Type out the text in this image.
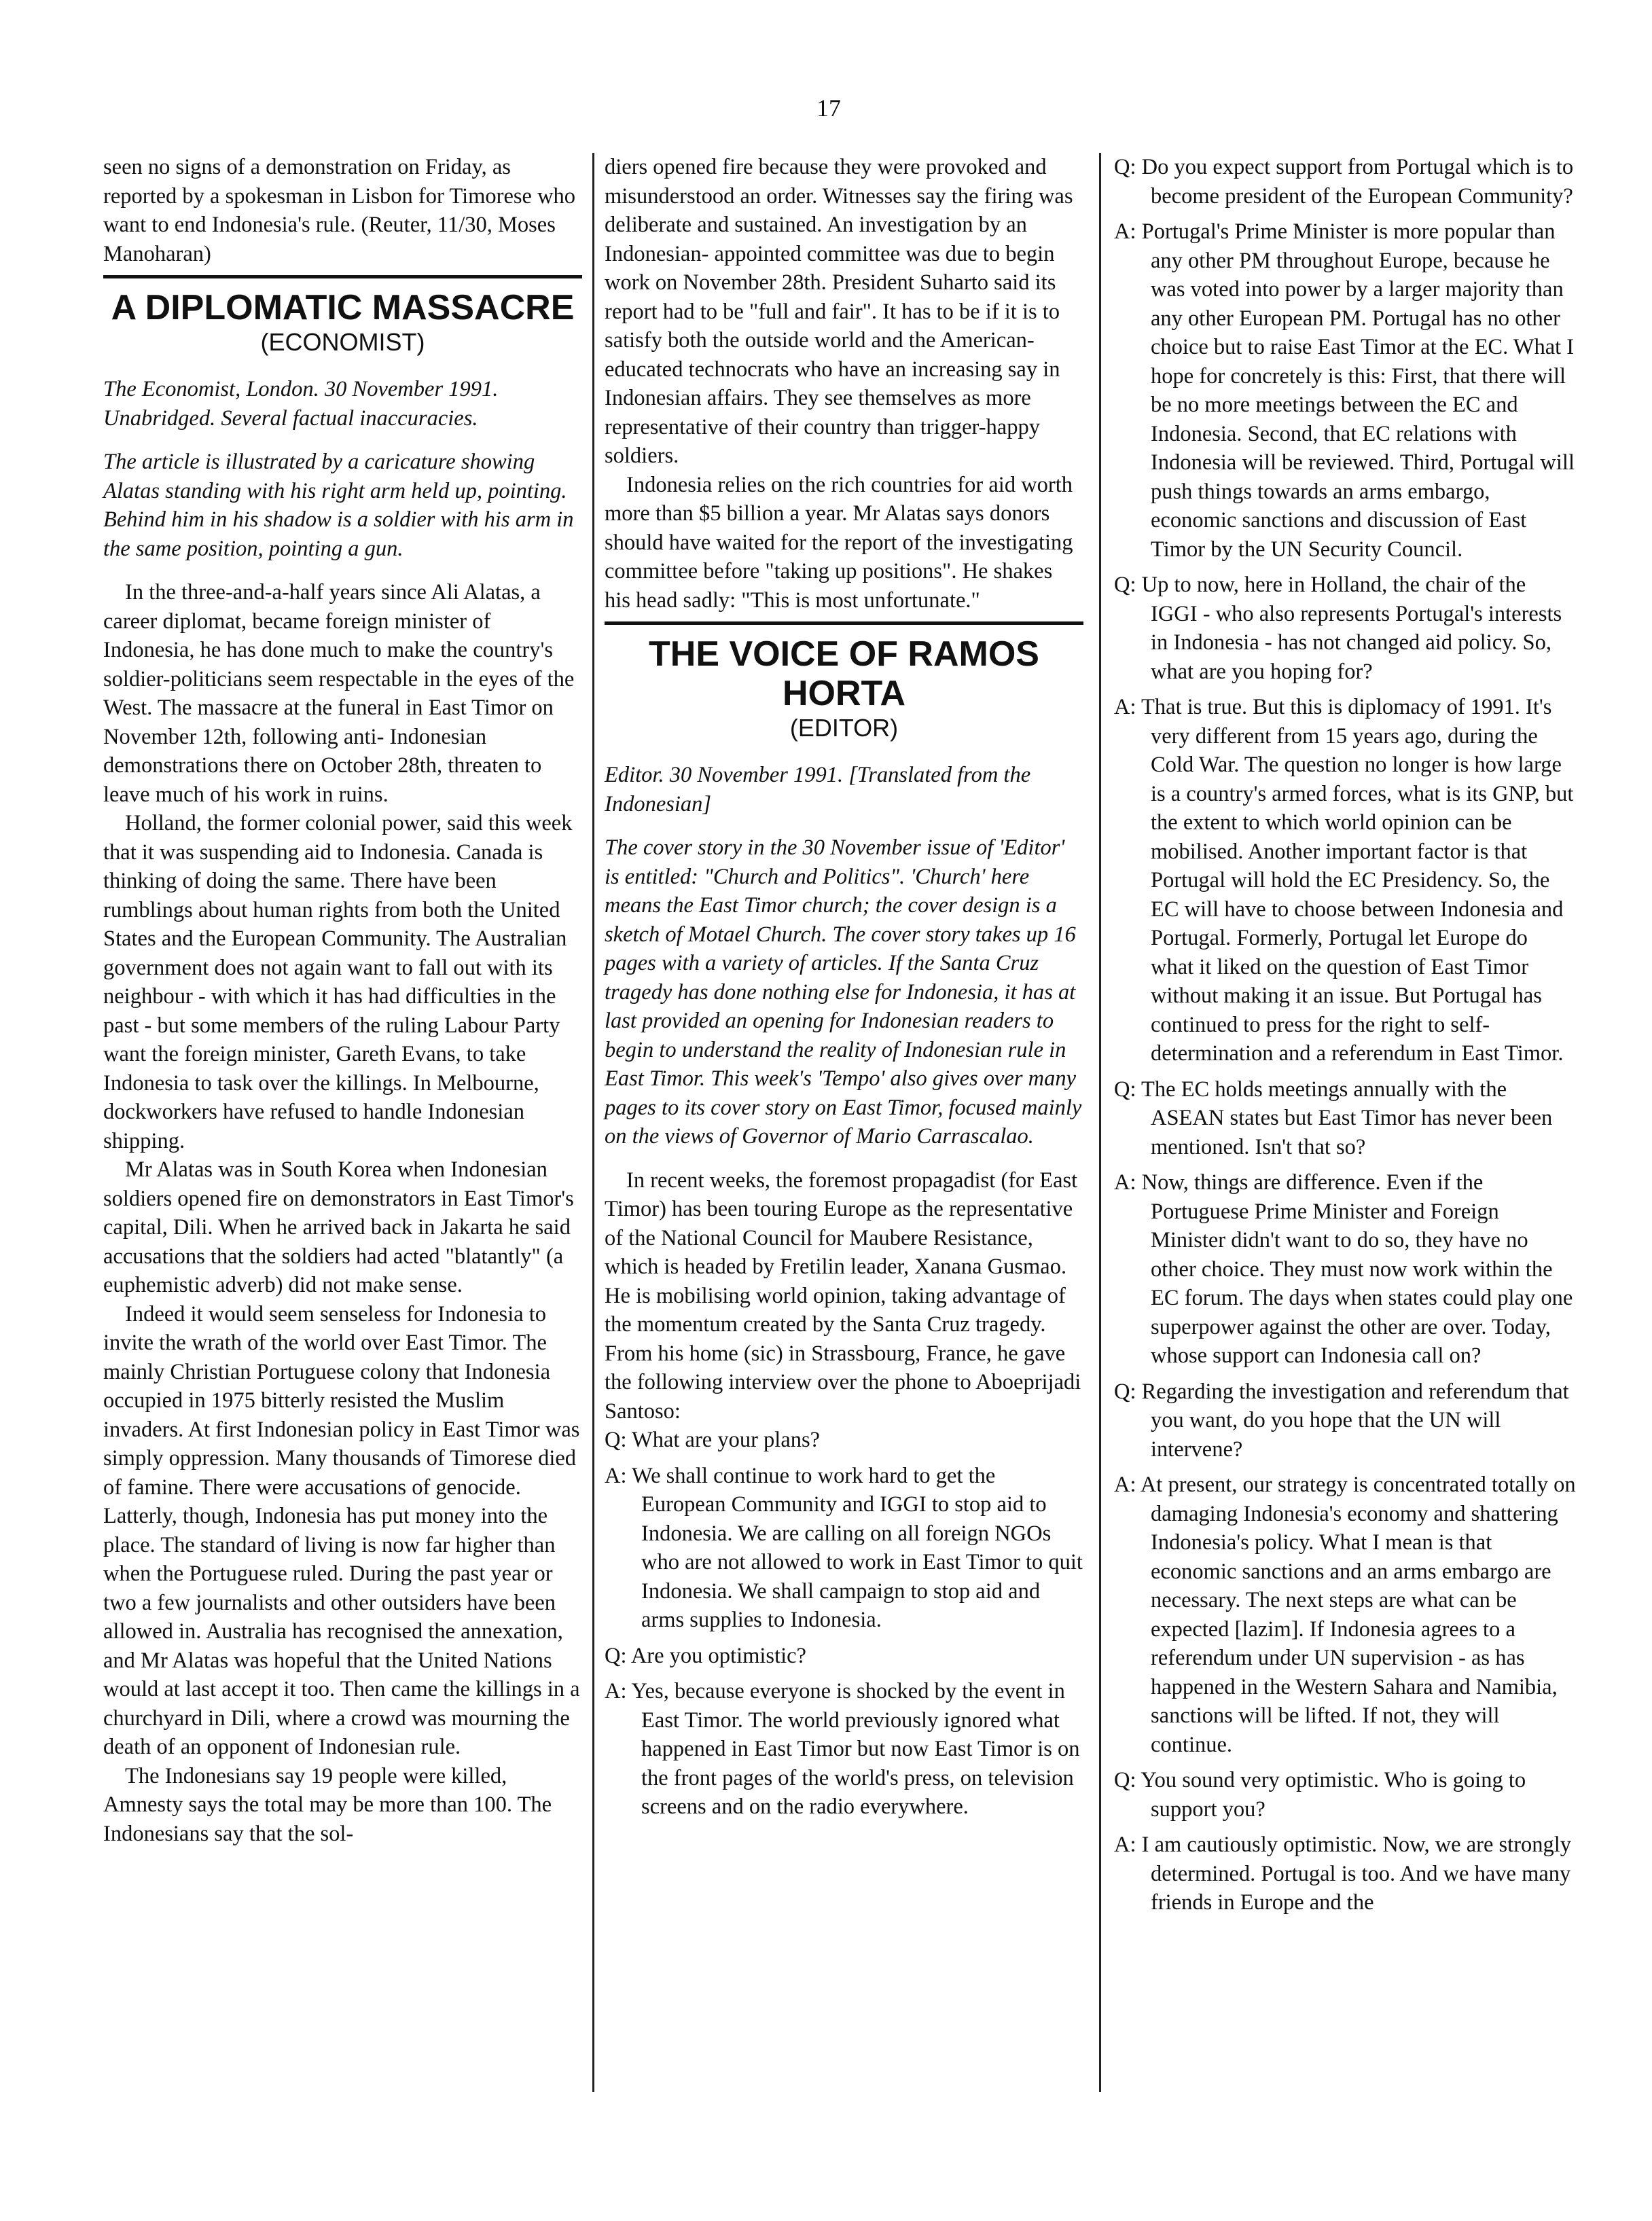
17

seen no signs of a demonstration on Friday, as reported by a spokesman in Lisbon for Timorese who want to end Indonesia's rule. (Reuter, 11/30, Moses Manoharan)

A DIPLOMATIC MASSACRE
(ECONOMIST)

The Economist, London. 30 November 1991. Unabridged. Several factual inaccuracies.

The article is illustrated by a caricature showing Alatas standing with his right arm held up, pointing. Behind him in his shadow is a soldier with his arm in the same position, pointing a gun.

In the three-and-a-half years since Ali Alatas, a career diplomat, became foreign minister of Indonesia, he has done much to make the country's soldier-politicians seem respectable in the eyes of the West. The massacre at the funeral in East Timor on November 12th, following anti- Indonesian demonstrations there on October 28th, threaten to leave much of his work in ruins.

Holland, the former colonial power, said this week that it was suspending aid to Indonesia. Canada is thinking of doing the same. There have been rumblings about human rights from both the United States and the European Community. The Australian government does not again want to fall out with its neighbour - with which it has had difficulties in the past - but some members of the ruling Labour Party want the foreign minister, Gareth Evans, to take Indonesia to task over the killings. In Melbourne, dockworkers have refused to handle Indonesian shipping.

Mr Alatas was in South Korea when Indonesian soldiers opened fire on demonstrators in East Timor's capital, Dili. When he arrived back in Jakarta he said accusations that the soldiers had acted "blatantly" (a euphemistic adverb) did not make sense.

Indeed it would seem senseless for Indonesia to invite the wrath of the world over East Timor. The mainly Christian Portuguese colony that Indonesia occupied in 1975 bitterly resisted the Muslim invaders. At first Indonesian policy in East Timor was simply oppression. Many thousands of Timorese died of famine. There were accusations of genocide. Latterly, though, Indonesia has put money into the place. The standard of living is now far higher than when the Portuguese ruled. During the past year or two a few journalists and other outsiders have been allowed in. Australia has recognised the annexation, and Mr Alatas was hopeful that the United Nations would at last accept it too. Then came the killings in a churchyard in Dili, where a crowd was mourning the death of an opponent of Indonesian rule.

The Indonesians say 19 people were killed, Amnesty says the total may be more than 100. The Indonesians say that the sol-

diers opened fire because they were provoked and misunderstood an order. Witnesses say the firing was deliberate and sustained. An investigation by an Indonesian- appointed committee was due to begin work on November 28th. President Suharto said its report had to be "full and fair". It has to be if it is to satisfy both the outside world and the American-educated technocrats who have an increasing say in Indonesian affairs. They see themselves as more representative of their country than trigger-happy soldiers.

Indonesia relies on the rich countries for aid worth more than $5 billion a year. Mr Alatas says donors should have waited for the report of the investigating committee before "taking up positions". He shakes his head sadly: "This is most unfortunate."

THE VOICE OF RAMOS HORTA
(EDITOR)

Editor. 30 November 1991. [Translated from the Indonesian]

The cover story in the 30 November issue of 'Editor' is entitled: "Church and Politics". 'Church' here means the East Timor church; the cover design is a sketch of Motael Church. The cover story takes up 16 pages with a variety of articles. If the Santa Cruz tragedy has done nothing else for Indonesia, it has at last provided an opening for Indonesian readers to begin to understand the reality of Indonesian rule in East Timor. This week's 'Tempo' also gives over many pages to its cover story on East Timor, focused mainly on the views of Governor of Mario Carrascalao.

In recent weeks, the foremost propagadist (for East Timor) has been touring Europe as the representative of the National Council for Maubere Resistance, which is headed by Fretilin leader, Xanana Gusmao. He is mobilising world opinion, taking advantage of the momentum created by the Santa Cruz tragedy. From his home (sic) in Strassbourg, France, he gave the following interview over the phone to Aboeprijadi Santoso:

Q: What are your plans?

A: We shall continue to work hard to get the European Community and IGGI to stop aid to Indonesia. We are calling on all foreign NGOs who are not allowed to work in East Timor to quit Indonesia. We shall campaign to stop aid and arms supplies to Indonesia.

Q: Are you optimistic?

A: Yes, because everyone is shocked by the event in East Timor. The world previously ignored what happened in East Timor but now East Timor is on the front pages of the world's press, on television screens and on the radio everywhere.

Q: Do you expect support from Portugal which is to become president of the European Community?

A: Portugal's Prime Minister is more popular than any other PM throughout Europe, because he was voted into power by a larger majority than any other European PM. Portugal has no other choice but to raise East Timor at the EC. What I hope for concretely is this: First, that there will be no more meetings between the EC and Indonesia. Second, that EC relations with Indonesia will be reviewed. Third, Portugal will push things towards an arms embargo, economic sanctions and discussion of East Timor by the UN Security Council.

Q: Up to now, here in Holland, the chair of the IGGI - who also represents Portugal's interests in Indonesia - has not changed aid policy. So, what are you hoping for?

A: That is true. But this is diplomacy of 1991. It's very different from 15 years ago, during the Cold War. The question no longer is how large is a country's armed forces, what is its GNP, but the extent to which world opinion can be mobilised. Another important factor is that Portugal will hold the EC Presidency. So, the EC will have to choose between Indonesia and Portugal. Formerly, Portugal let Europe do what it liked on the question of East Timor without making it an issue. But Portugal has continued to press for the right to self-determination and a referendum in East Timor.

Q: The EC holds meetings annually with the ASEAN states but East Timor has never been mentioned. Isn't that so?

A: Now, things are difference. Even if the Portuguese Prime Minister and Foreign Minister didn't want to do so, they have no other choice. They must now work within the EC forum. The days when states could play one superpower against the other are over. Today, whose support can Indonesia call on?

Q: Regarding the investigation and referendum that you want, do you hope that the UN will intervene?

A: At present, our strategy is concentrated totally on damaging Indonesia's economy and shattering Indonesia's policy. What I mean is that economic sanctions and an arms embargo are necessary. The next steps are what can be expected [lazim]. If Indonesia agrees to a referendum under UN supervision - as has happened in the Western Sahara and Namibia, sanctions will be lifted. If not, they will continue.

Q: You sound very optimistic. Who is going to support you?

A: I am cautiously optimistic. Now, we are strongly determined. Portugal is too. And we have many friends in Europe and the
